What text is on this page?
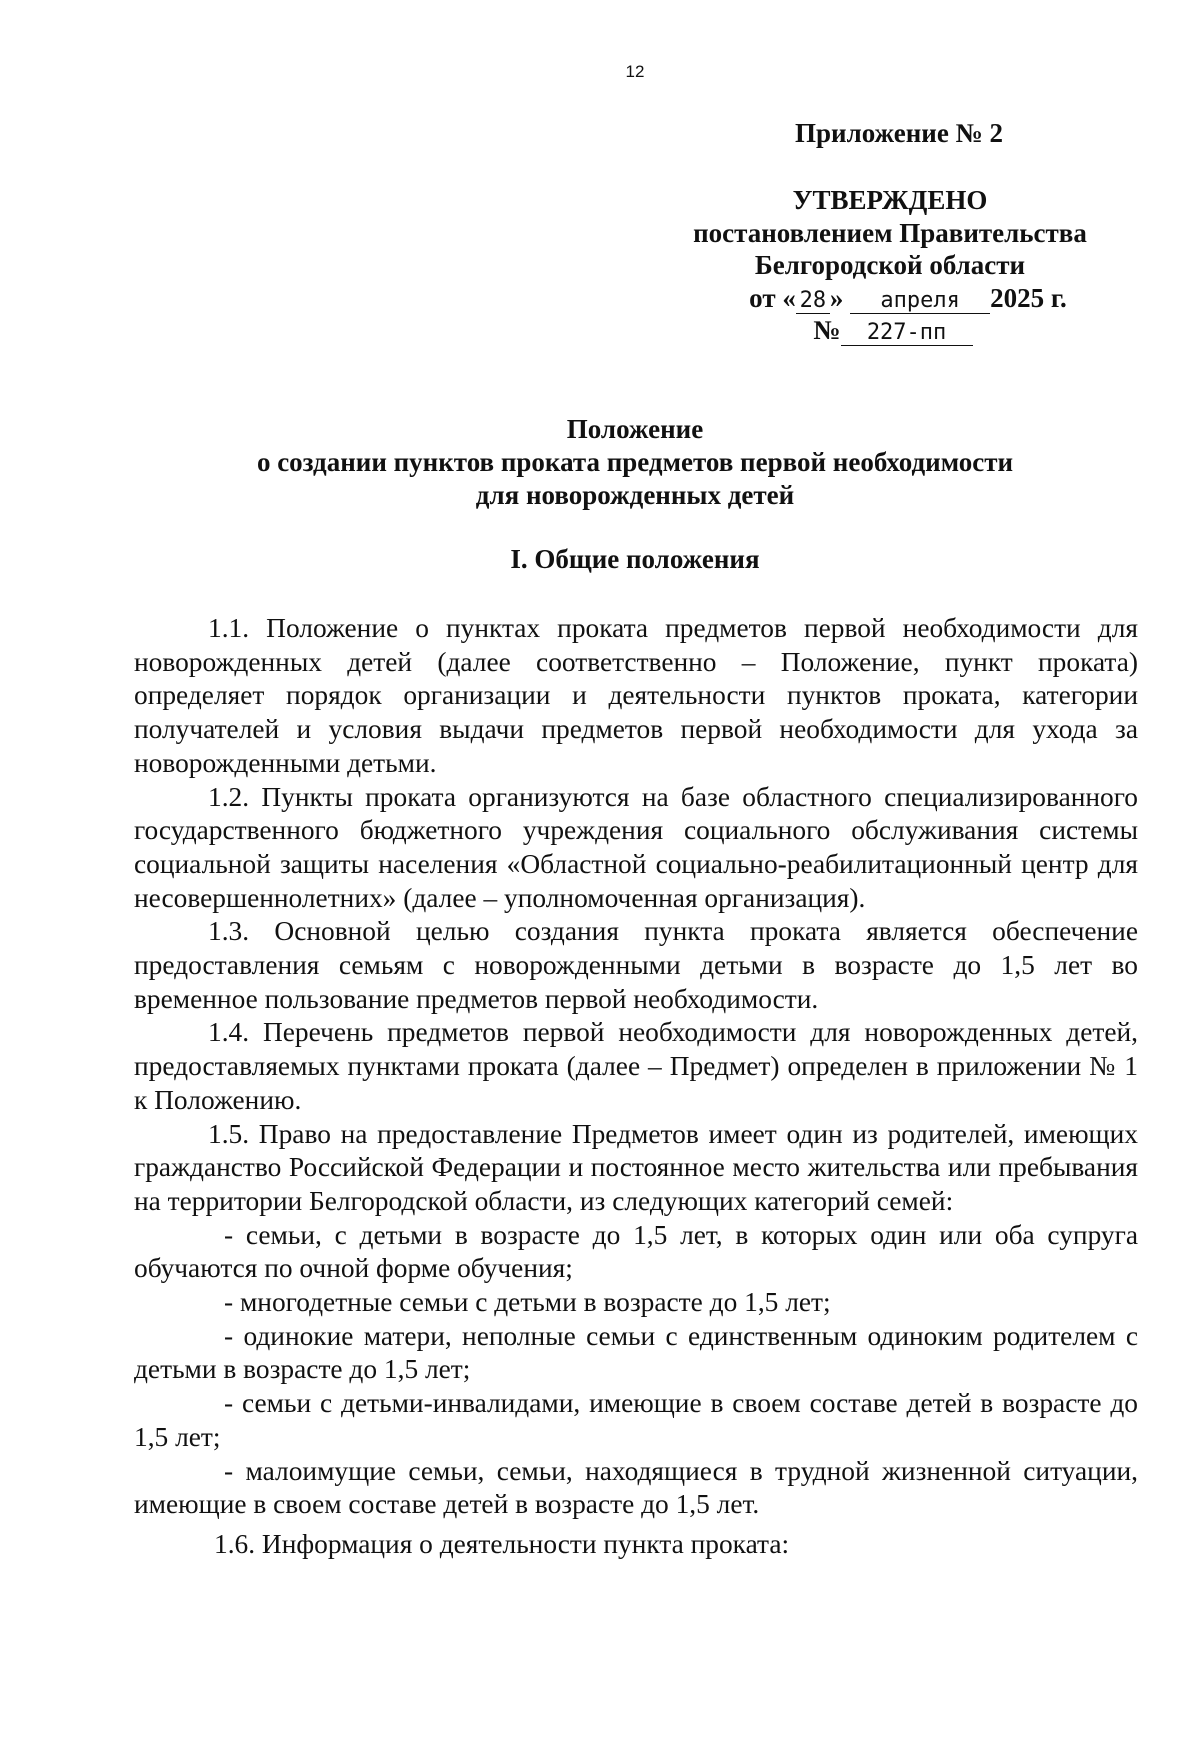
12
Приложение № 2
УТВЕРЖДЕНО
постановлением Правительства
Белгородской области
от « 28 » апреля 2025 г.
№ 227-пп
Положение
о создании пунктов проката предметов первой необходимости
для новорожденных детей
I. Общие положения

1.1. Положение о пунктах проката предметов первой необходимости для новорожденных детей (далее соответственно – Положение, пункт проката) определяет порядок организации и деятельности пунктов проката, категории получателей и условия выдачи предметов первой необходимости для ухода за новорожденными детьми.

1.2. Пункты проката организуются на базе областного специализированного государственного бюджетного учреждения социального обслуживания системы социальной защиты населения «Областной социально-реабилитационный центр для несовершеннолетних» (далее – уполномоченная организация).

1.3. Основной целью создания пункта проката является обеспечение предоставления семьям с новорожденными детьми в возрасте до 1,5 лет во временное пользование предметов первой необходимости.

1.4. Перечень предметов первой необходимости для новорожденных детей, предоставляемых пунктами проката (далее – Предмет) определен в приложении № 1 к Положению.

1.5. Право на предоставление Предметов имеет один из родителей, имеющих гражданство Российской Федерации и постоянное место жительства или пребывания на территории Белгородской области, из следующих категорий семей:

- семьи, с детьми в возрасте до 1,5 лет, в которых один или оба супруга обучаются по очной форме обучения;

- многодетные семьи с детьми в возрасте до 1,5 лет;

- одинокие матери, неполные семьи с единственным одиноким родителем с детьми в возрасте до 1,5 лет;

- семьи с детьми-инвалидами, имеющие в своем составе детей в возрасте до 1,5 лет;

- малоимущие семьи, семьи, находящиеся в трудной жизненной ситуации, имеющие в своем составе детей в возрасте до 1,5 лет.

1.6. Информация о деятельности пункта проката:
